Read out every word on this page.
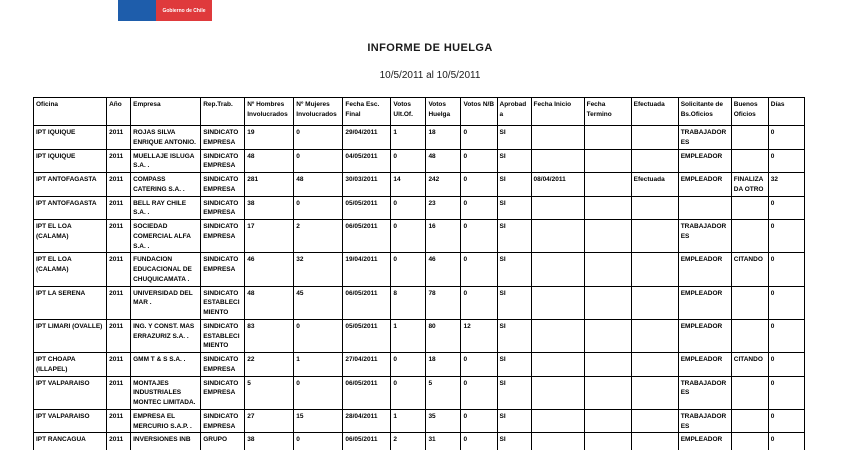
Gobierno de Chile
INFORME DE HUELGA
10/5/2011 al 10/5/2011
Oficina	Año	Empresa	Rep.Trab.	Nº Hombres Involucrados	Nº Mujeres Involucrados	Fecha Esc. Final	Votos Ult.Of.	Votos Huelga	Votos N/B	Aprobada	Fecha Inicio	Fecha Termino	Efectuada	Solicitante de Bs.Oficios	Buenos Oficios	Días
IPT IQUIQUE	2011	ROJAS SILVA ENRIQUE ANTONIO.	SINDICATO EMPRESA	19	0	29/04/2011	1	18	0	SI				TRABAJADORES		0
IPT IQUIQUE	2011	MUELLAJE ISLUGA S.A. .	SINDICATO EMPRESA	48	0	04/05/2011	0	48	0	SI				EMPLEADOR		0
IPT ANTOFAGASTA	2011	COMPASS CATERING S.A. .	SINDICATO EMPRESA	281	48	30/03/2011	14	242	0	SI	08/04/2011		Efectuada	EMPLEADOR	FINALIZADA OTRO	32
IPT ANTOFAGASTA	2011	BELL RAY CHILE S.A. .	SINDICATO EMPRESA	38	0	05/05/2011	0	23	0	SI						0
IPT EL LOA (CALAMA)	2011	SOCIEDAD COMERCIAL ALFA S.A. .	SINDICATO EMPRESA	17	2	06/05/2011	0	16	0	SI				TRABAJADORES		0
IPT EL LOA (CALAMA)	2011	FUNDACION EDUCACIONAL DE CHUQUICAMATA .	SINDICATO EMPRESA	46	32	19/04/2011	0	46	0	SI				EMPLEADOR	CITANDO	0
IPT LA SERENA	2011	UNIVERSIDAD DEL MAR .	SINDICATO ESTABLECIMIENTO	48	45	06/05/2011	8	78	0	SI				EMPLEADOR		0
IPT LIMARI (OVALLE)	2011	ING. Y CONST. MAS ERRAZURIZ S.A. .	SINDICATO ESTABLECIMIENTO	83	0	05/05/2011	1	80	12	SI				EMPLEADOR		0
IPT CHOAPA (ILLAPEL)	2011	GMM T & S S.A. .	SINDICATO EMPRESA	22	1	27/04/2011	0	18	0	SI				EMPLEADOR	CITANDO	0
IPT VALPARAISO	2011	MONTAJES INDUSTRIALES MONTEC LIMITADA.	SINDICATO EMPRESA	5	0	06/05/2011	0	5	0	SI				TRABAJADORES		0
IPT VALPARAISO	2011	EMPRESA EL MERCURIO S.A.P. .	SINDICATO EMPRESA	27	15	28/04/2011	1	35	0	SI				TRABAJADORES		0
IPT RANCAGUA	2011	INVERSIONES INB	GRUPO	38	0	06/05/2011	2	31	0	SI				EMPLEADOR		0
